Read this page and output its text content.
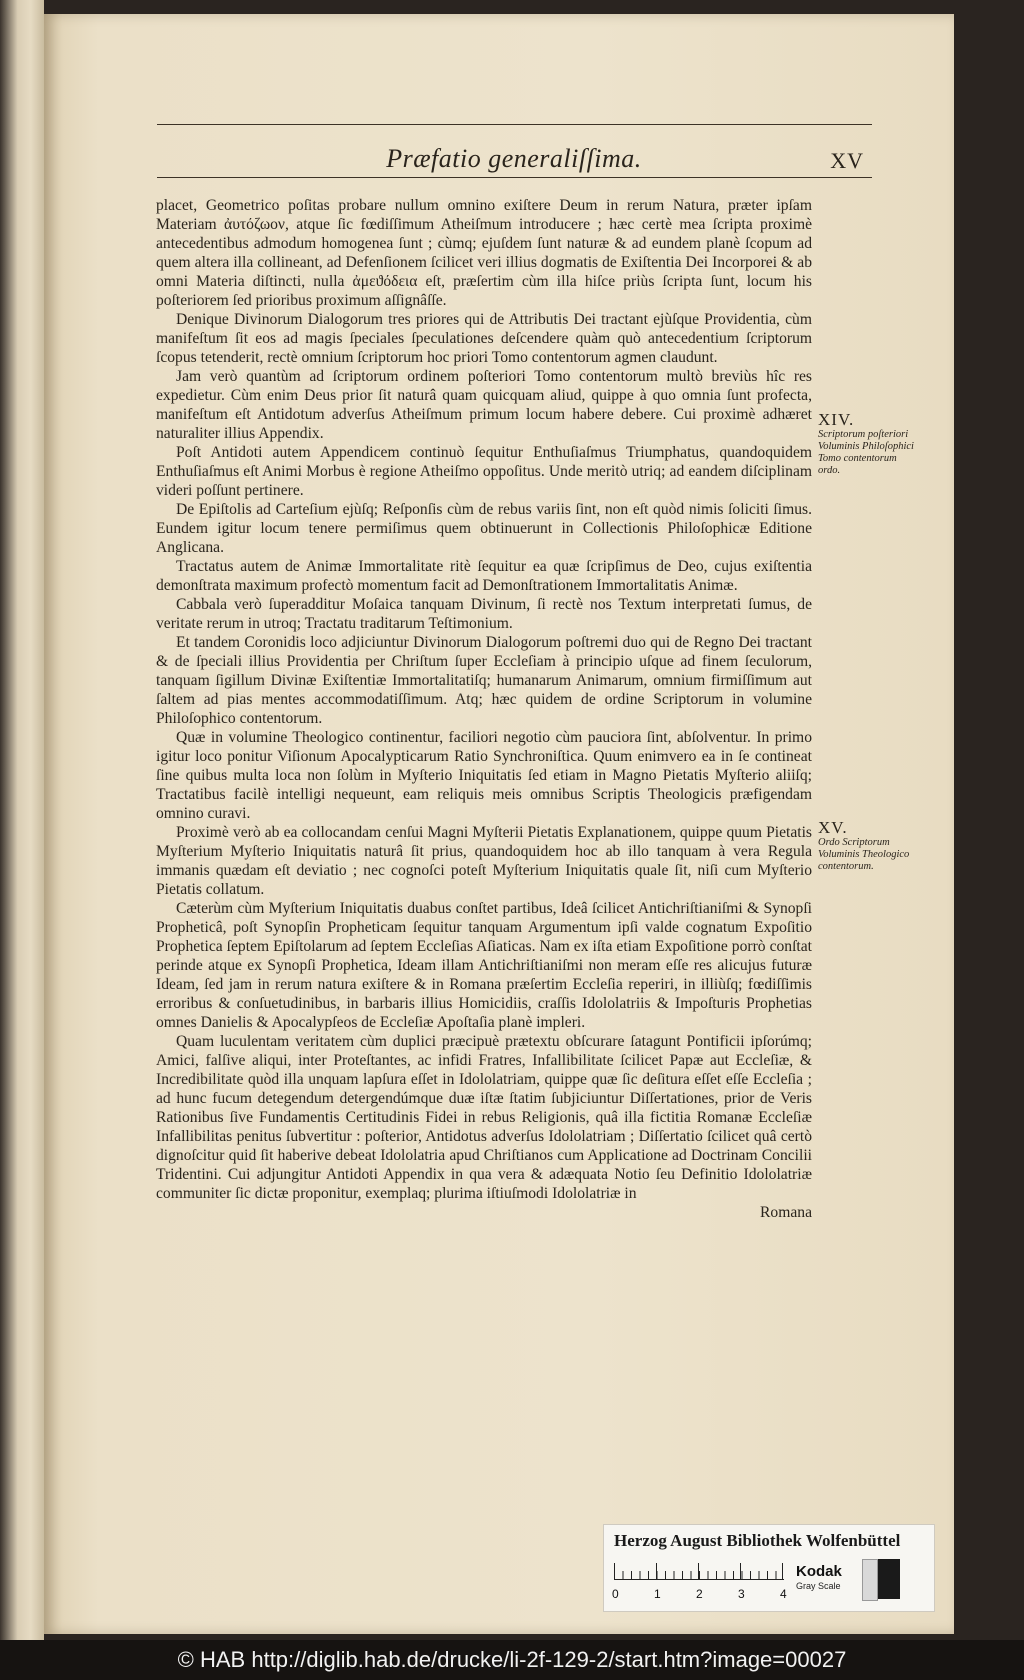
Præfatio generaliſſima.	XV

placet, Geometrico poſitas probare nullum omnino exiſtere Deum in rerum Natura, præter ipſam Materiam ἀυτόζωον, atque ſic fœdiſſimum Atheiſmum introducere ; hæc certè mea ſcripta proximè antecedentibus admodum homogenea ſunt ; cùmq; ejuſdem ſunt naturæ & ad eundem planè ſcopum ad quem altera illa collineant, ad Defenſionem ſcilicet veri illius dogmatis de Exiſtentia Dei Incorporei & ab omni Materia diſtincti, nulla ἀμεϑόδεια eſt, præſertim cùm illa hiſce priùs ſcripta ſunt, locum his poſteriorem ſed prioribus proximum aſſignâſſe.

Denique Divinorum Dialogorum tres priores qui de Attributis Dei tractant ejùſque Providentia, cùm manifeſtum ſit eos ad magis ſpeciales ſpeculationes deſcendere quàm quò antecedentium ſcriptorum ſcopus tetenderit, rectè omnium ſcriptorum hoc priori Tomo contentorum agmen claudunt.

Jam verò quantùm ad ſcriptorum ordinem poſteriori Tomo contentorum multò breviùs hîc res expedietur. Cùm enim Deus prior ſit naturâ quam quicquam aliud, quippe à quo omnia ſunt profecta, manifeſtum eſt Antidotum adverſus Atheiſmum primum locum habere debere. Cui proximè adhæret naturaliter illius Appendix.

Poſt Antidoti autem Appendicem continuò ſequitur Enthuſiaſmus Triumphatus, quandoquidem Enthuſiaſmus eſt Animi Morbus è regione Atheiſmo oppoſitus. Unde meritò utriq; ad eandem diſciplinam videri poſſunt pertinere.

De Epiſtolis ad Carteſium ejùſq; Reſponſis cùm de rebus variis ſint, non eſt quòd nimis ſoliciti ſimus. Eundem igitur locum tenere permiſimus quem obtinuerunt in Collectionis Philoſophicæ Editione Anglicana.

Tractatus autem de Animæ Immortalitate ritè ſequitur ea quæ ſcripſimus de Deo, cujus exiſtentia demonſtrata maximum profectò momentum facit ad Demonſtrationem Immortalitatis Animæ.

Cabbala verò ſuperadditur Moſaica tanquam Divinum, ſi rectè nos Textum interpretati ſumus, de veritate rerum in utroq; Tractatu traditarum Teſtimonium.

Et tandem Coronidis loco adjiciuntur Divinorum Dialogorum poſtremi duo qui de Regno Dei tractant & de ſpeciali illius Providentia per Chriſtum ſuper Eccleſiam à principio uſque ad finem ſeculorum, tanquam ſigillum Divinæ Exiſtentiæ Immortalitatiſq; humanarum Animarum, omnium firmiſſimum aut ſaltem ad pias mentes accommodatiſſimum. Atq; hæc quidem de ordine Scriptorum in volumine Philoſophico contentorum.

Quæ in volumine Theologico continentur, faciliori negotio cùm pauciora ſint, abſolventur. In primo igitur loco ponitur Viſionum Apocalypticarum Ratio Synchroniſtica. Quum enimvero ea in ſe contineat ſine quibus multa loca non ſolùm in Myſterio Iniquitatis ſed etiam in Magno Pietatis Myſterio aliiſq; Tractatibus facilè intelligi nequeunt, eam reliquis meis omnibus Scriptis Theologicis præfigendam omnino curavi.

Proximè verò ab ea collocandam cenſui Magni Myſterii Pietatis Explanationem, quippe quum Pietatis Myſterium Myſterio Iniquitatis naturâ ſit prius, quandoquidem hoc ab illo tanquam à vera Regula immanis quædam eſt deviatio ; nec cognoſci poteſt Myſterium Iniquitatis quale ſit, niſi cum Myſterio Pietatis collatum.

Cæterùm cùm Myſterium Iniquitatis duabus conſtet partibus, Ideâ ſcilicet Antichriſtianiſmi & Synopſi Propheticâ, poſt Synopſin Propheticam ſequitur tanquam Argumentum ipſi valde cognatum Expoſitio Prophetica ſeptem Epiſtolarum ad ſeptem Eccleſias Aſiaticas. Nam ex iſta etiam Expoſitione porrò conſtat perinde atque ex Synopſi Prophetica, Ideam illam Antichriſtianiſmi non meram eſſe res alicujus futuræ Ideam, ſed jam in rerum natura exiſtere & in Romana præſertim Eccleſia reperiri, in illiùſq; fœdiſſimis erroribus & conſuetudinibus, in barbaris illius Homicidiis, craſſis Idololatriis & Impoſturis Prophetias omnes Danielis & Apocalypſeos de Eccleſiæ Apoſtaſia planè impleri.

Quam luculentam veritatem cùm duplici præcipuè prætextu obſcurare ſatagunt Pontificii ipſorúmq; Amici, falſive aliqui, inter Proteſtantes, ac infidi Fratres, Infallibilitate ſcilicet Papæ aut Eccleſiæ, & Incredibilitate quòd illa unquam lapſura eſſet in Idololatriam, quippe quæ ſic deſitura eſſet eſſe Eccleſia ; ad hunc fucum detegendum detergendúmque duæ iſtæ ſtatim ſubjiciuntur Diſſertationes, prior de Veris Rationibus ſive Fundamentis Certitudinis Fidei in rebus Religionis, quâ illa fictitia Romanæ Eccleſiæ Infallibilitas penitus ſubvertitur : poſterior, Antidotus adverſus Idololatriam ; Diſſertatio ſcilicet quâ certò dignoſcitur quid ſit haberive debeat Idololatria apud Chriſtianos cum Applicatione ad Doctrinam Concilii Tridentini. Cui adjungitur Antidoti Appendix in qua vera & adæquata Notio ſeu Definitio Idololatriæ communiter ſic dictæ proponitur, exemplaq; plurima iſtiuſmodi Idololatriæ in

Romana

XIV.
Scriptorum poſteriori Voluminis Philoſophici Tomo contentorum ordo.
XV.
Ordo Scriptorum Voluminis Theologico contentorum.
Herzog August Bibliothek Wolfenbüttel
0	1	2	3	4
Kodak
Gray Scale
© HAB http://diglib.hab.de/drucke/li-2f-129-2/start.htm?image=00027
